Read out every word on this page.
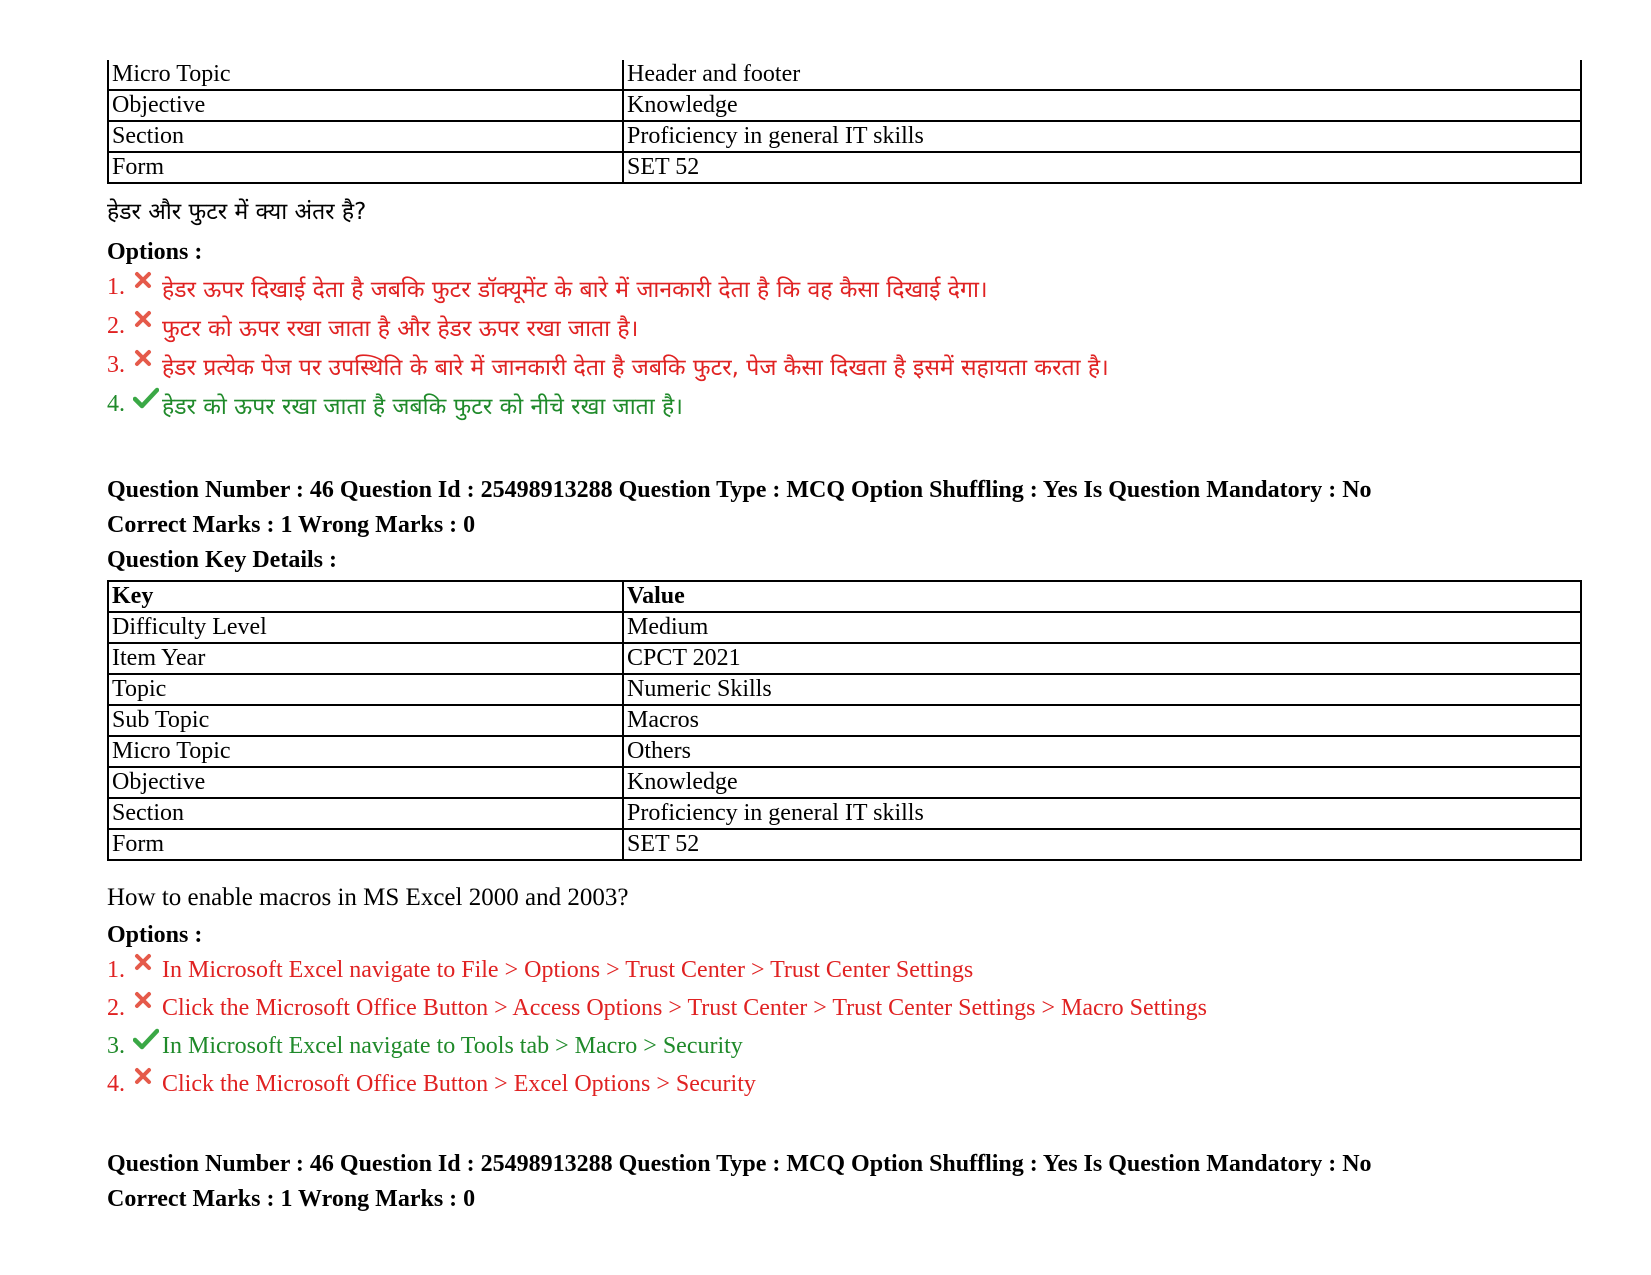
Micro Topic	Header and footer
Objective	Knowledge
Section	Proficiency in general IT skills
Form	SET 52
हेडर और फुटर में क्या अंतर है?
Options :
1.	हेडर ऊपर दिखाई देता है जबकि फुटर डॉक्यूमेंट के बारे में जानकारी देता है कि वह कैसा दिखाई देगा।
2.	फुटर को ऊपर रखा जाता है और हेडर ऊपर रखा जाता है।
3.	हेडर प्रत्येक पेज पर उपस्थिति के बारे में जानकारी देता है जबकि फुटर, पेज कैसा दिखता है इसमें सहायता करता है।
4.	हेडर को ऊपर रखा जाता है जबकि फुटर को नीचे रखा जाता है।
Question Number : 46 Question Id : 25498913288 Question Type : MCQ Option Shuffling : Yes Is Question Mandatory : No
Correct Marks : 1 Wrong Marks : 0
Question Key Details :
Key	Value
Difficulty Level	Medium
Item Year	CPCT 2021
Topic	Numeric Skills
Sub Topic	Macros
Micro Topic	Others
Objective	Knowledge
Section	Proficiency in general IT skills
Form	SET 52
How to enable macros in MS Excel 2000 and 2003?
Options :
1. In Microsoft Excel navigate to File > Options > Trust Center > Trust Center Settings
2. Click the Microsoft Office Button > Access Options > Trust Center > Trust Center Settings > Macro Settings
3. In Microsoft Excel navigate to Tools tab > Macro > Security
4. Click the Microsoft Office Button > Excel Options > Security
Question Number : 46 Question Id : 25498913288 Question Type : MCQ Option Shuffling : Yes Is Question Mandatory : No
Correct Marks : 1 Wrong Marks : 0
